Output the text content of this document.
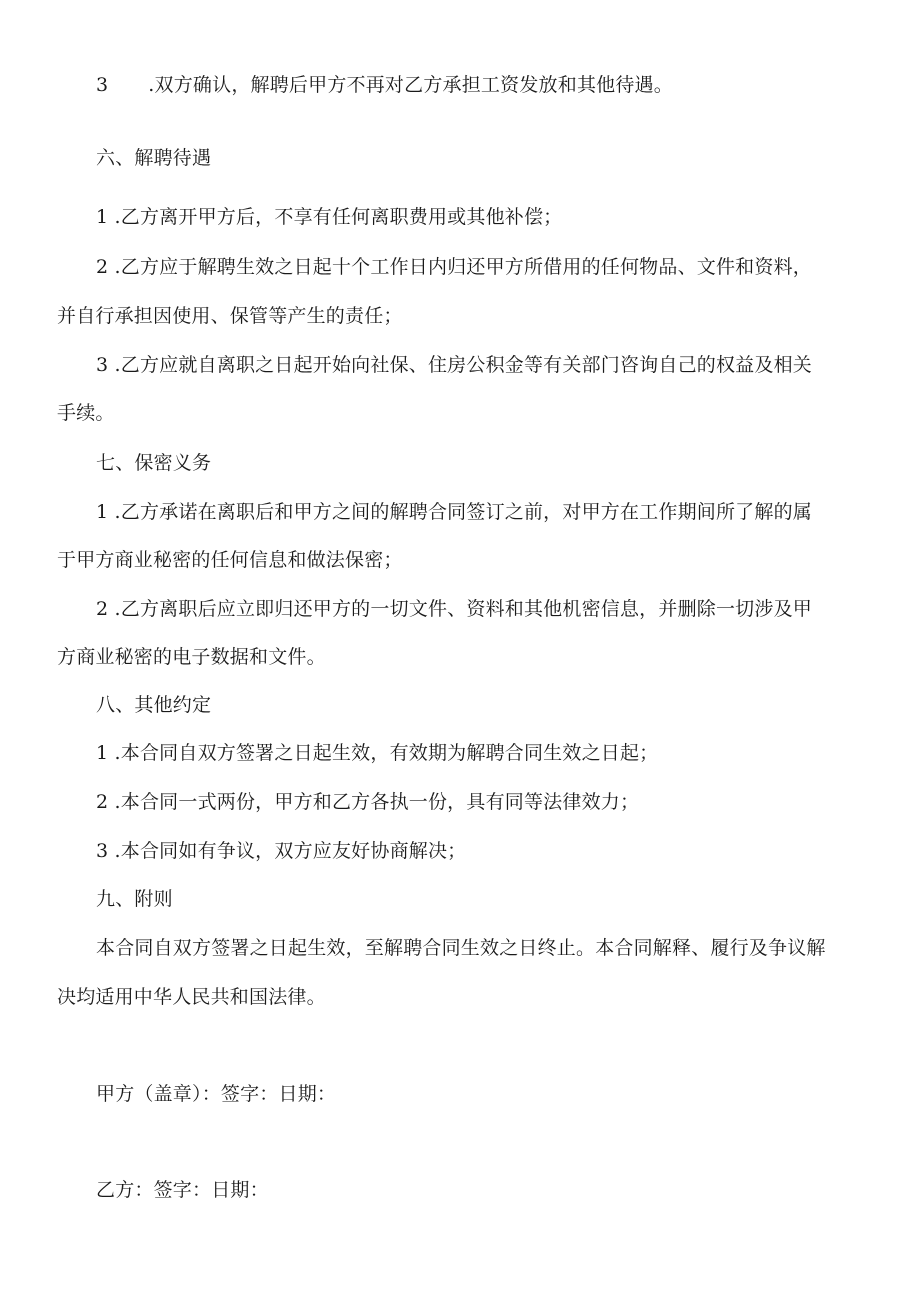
3 .双方确认，解聘后甲方不再对乙方承担工资发放和其他待遇。
六、解聘待遇
1 .乙方离开甲方后，不享有任何离职费用或其他补偿；
2 .乙方应于解聘生效之日起十个工作日内归还甲方所借用的任何物品、文件和资料，
并自行承担因使用、保管等产生的责任；
3 .乙方应就自离职之日起开始向社保、住房公积金等有关部门咨询自己的权益及相关
手续。
七、保密义务
1 .乙方承诺在离职后和甲方之间的解聘合同签订之前，对甲方在工作期间所了解的属
于甲方商业秘密的任何信息和做法保密；
2 .乙方离职后应立即归还甲方的一切文件、资料和其他机密信息，并删除一切涉及甲
方商业秘密的电子数据和文件。
八、其他约定
1 .本合同自双方签署之日起生效，有效期为解聘合同生效之日起；
2 .本合同一式两份，甲方和乙方各执一份，具有同等法律效力；
3 .本合同如有争议，双方应友好协商解决；
九、附则
本合同自双方签署之日起生效，至解聘合同生效之日终止。本合同解释、履行及争议解
决均适用中华人民共和国法律。
甲方（盖章）：签字：日期：
乙方：签字：日期：
